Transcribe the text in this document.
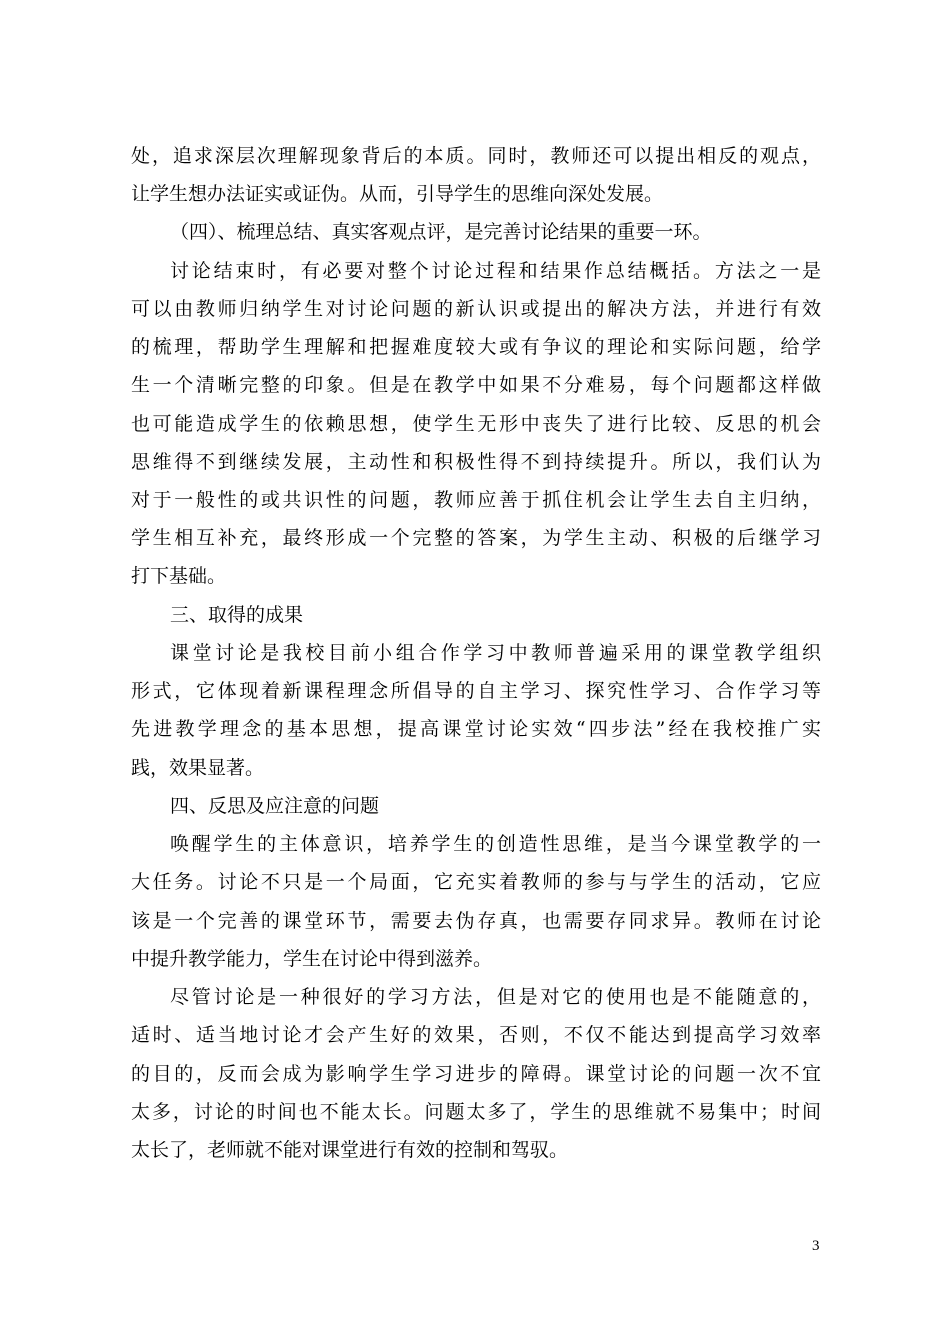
处，追求深层次理解现象背后的本质。同时，教师还可以提出相反的观点，
让学生想办法证实或证伪。从而，引导学生的思维向深处发展。
（四）、梳理总结、真实客观点评，是完善讨论结果的重要一环。
讨论结束时，有必要对整个讨论过程和结果作总结概括。方法之一是
可以由教师归纳学生对讨论问题的新认识或提出的解决方法，并进行有效
的梳理，帮助学生理解和把握难度较大或有争议的理论和实际问题，给学
生一个清晰完整的印象。但是在教学中如果不分难易，每个问题都这样做
也可能造成学生的依赖思想，使学生无形中丧失了进行比较、反思的机会
思维得不到继续发展，主动性和积极性得不到持续提升。所以，我们认为
对于一般性的或共识性的问题，教师应善于抓住机会让学生去自主归纳，
学生相互补充，最终形成一个完整的答案，为学生主动、积极的后继学习
打下基础。
三、取得的成果
课堂讨论是我校目前小组合作学习中教师普遍采用的课堂教学组织
形式，它体现着新课程理念所倡导的自主学习、探究性学习、合作学习等
先进教学理念的基本思想，提高课堂讨论实效“四步法”经在我校推广实
践，效果显著。
四、反思及应注意的问题
唤醒学生的主体意识，培养学生的创造性思维，是当今课堂教学的一
大任务。讨论不只是一个局面，它充实着教师的参与与学生的活动，它应
该是一个完善的课堂环节，需要去伪存真，也需要存同求异。教师在讨论
中提升教学能力，学生在讨论中得到滋养。
尽管讨论是一种很好的学习方法，但是对它的使用也是不能随意的，
适时、适当地讨论才会产生好的效果，否则，不仅不能达到提高学习效率
的目的，反而会成为影响学生学习进步的障碍。课堂讨论的问题一次不宜
太多，讨论的时间也不能太长。问题太多了，学生的思维就不易集中；时间
太长了，老师就不能对课堂进行有效的控制和驾驭。
3
